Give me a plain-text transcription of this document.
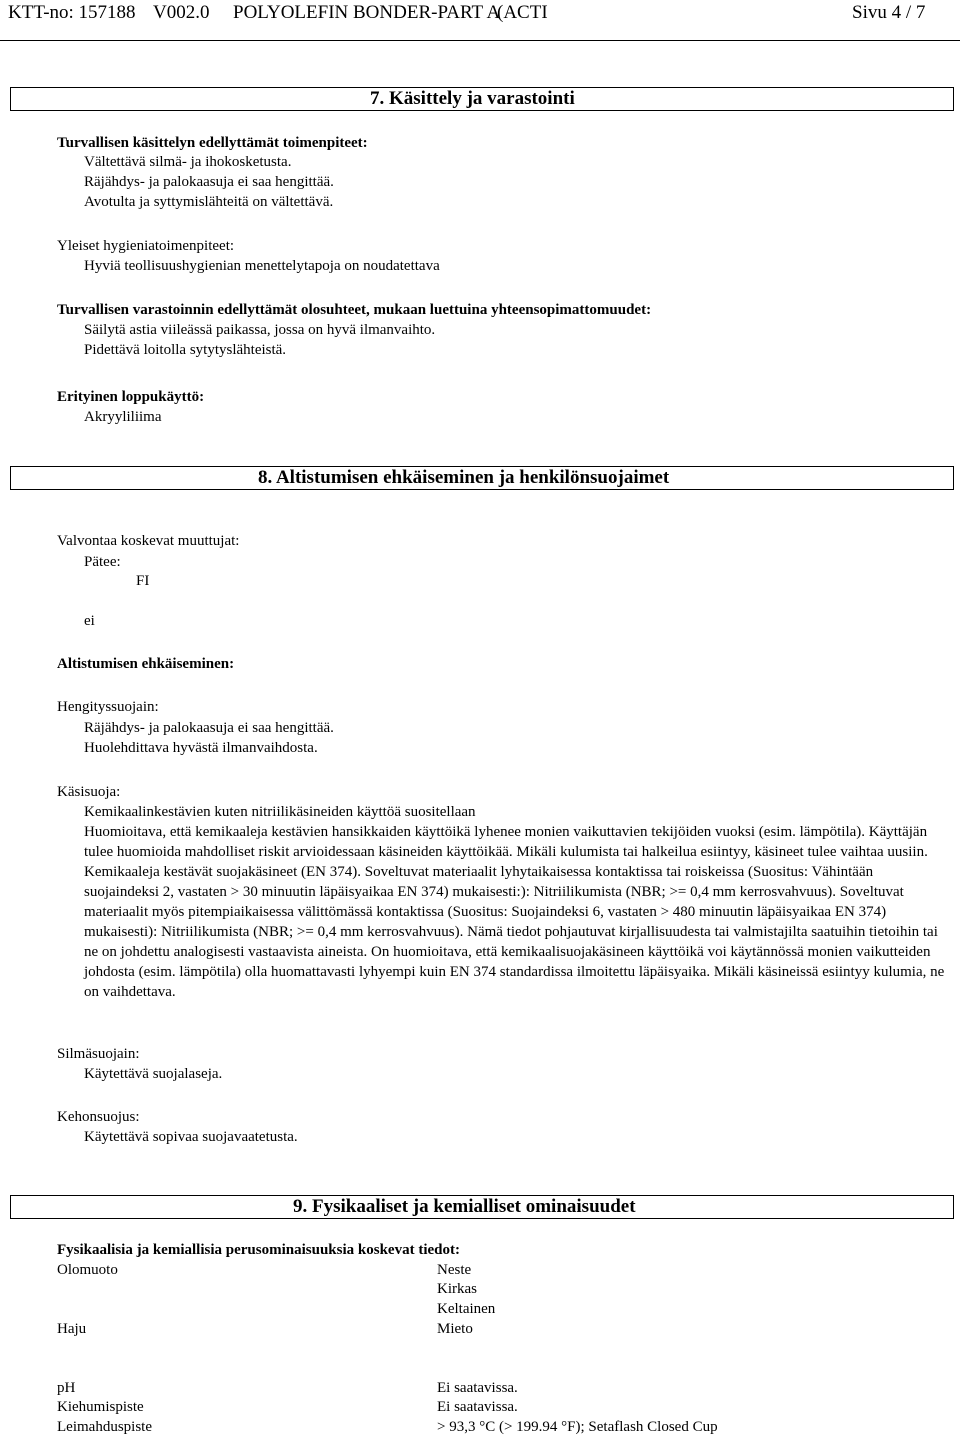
KTT-no: 157188 V002.0 POLYOLEFIN BONDER-PART A
(ACTI	Sivu 4 / 7
7. Käsittely ja varastointi
Turvallisen käsittelyn edellyttämät toimenpiteet:
Vältettävä silmä- ja ihokosketusta.
Räjähdys- ja palokaasuja ei saa hengittää.
Avotulta ja syttymislähteitä on vältettävä.
Yleiset hygieniatoimenpiteet:
Hyviä teollisuushygienian menettelytapoja on noudatettava
Turvallisen varastoinnin edellyttämät olosuhteet, mukaan luettuina yhteensopimattomuudet:
Säilytä astia viileässä paikassa, jossa on hyvä ilmanvaihto.
Pidettävä loitolla sytytyslähteistä.
Erityinen loppukäyttö:
Akryyliliima
8. Altistumisen ehkäiseminen ja henkilönsuojaimet
Valvontaa koskevat muuttujat:
Pätee:
FI
ei
Altistumisen ehkäiseminen:
Hengityssuojain:
Räjähdys- ja palokaasuja ei saa hengittää.
Huolehdittava hyvästä ilmanvaihdosta.
Käsisuoja:

Kemikaalinkestävien kuten nitriilikäsineiden käyttöä suositellaan

Huomioitava, että kemikaaleja kestävien hansikkaiden käyttöikä lyhenee monien vaikuttavien tekijöiden vuoksi (esim. lämpötila). Käyttäjän tulee huomioida mahdolliset riskit arvioidessaan käsineiden käyttöikää. Mikäli kulumista tai halkeilua esiintyy, käsineet tulee vaihtaa uusiin.

Kemikaaleja kestävät suojakäsineet (EN 374). Soveltuvat materiaalit lyhytaikaisessa kontaktissa tai roiskeissa (Suositus: Vähintään suojaindeksi 2, vastaten > 30 minuutin läpäisyaikaa EN 374) mukaisesti:): Nitriilikumista (NBR; >= 0,4 mm kerrosvahvuus). Soveltuvat materiaalit myös pitempiaikaisessa välittömässä kontaktissa (Suositus: Suojaindeksi 6, vastaten > 480 minuutin läpäisyaikaa EN 374) mukaisesti): Nitriilikumista (NBR; >= 0,4 mm kerrosvahvuus). Nämä tiedot pohjautuvat kirjallisuudesta tai valmistajilta saatuihin tietoihin tai ne on johdettu analogisesti vastaavista aineista. On huomioitava, että kemikaalisuojakäsineen käyttöikä voi käytännössä monien vaikutteiden johdosta (esim. lämpötila) olla huomattavasti lyhyempi kuin EN 374 standardissa ilmoitettu läpäisyaika. Mikäli käsineissä esiintyy kulumia, ne on vaihdettava.

Silmäsuojain:
Käytettävä suojalaseja.
Kehonsuojus:
Käytettävä sopivaa suojavaatetusta.
9. Fysikaaliset ja kemialliset ominaisuudet
Fysikaalisia ja kemiallisia perusominaisuuksia koskevat tiedot:
Olomuoto	Neste
Kirkas
Keltainen
Haju	Mieto
pH	Ei saatavissa.
Kiehumispiste	Ei saatavissa.
Leimahduspiste	> 93,3 °C (> 199.94 °F); Setaflash Closed Cup
